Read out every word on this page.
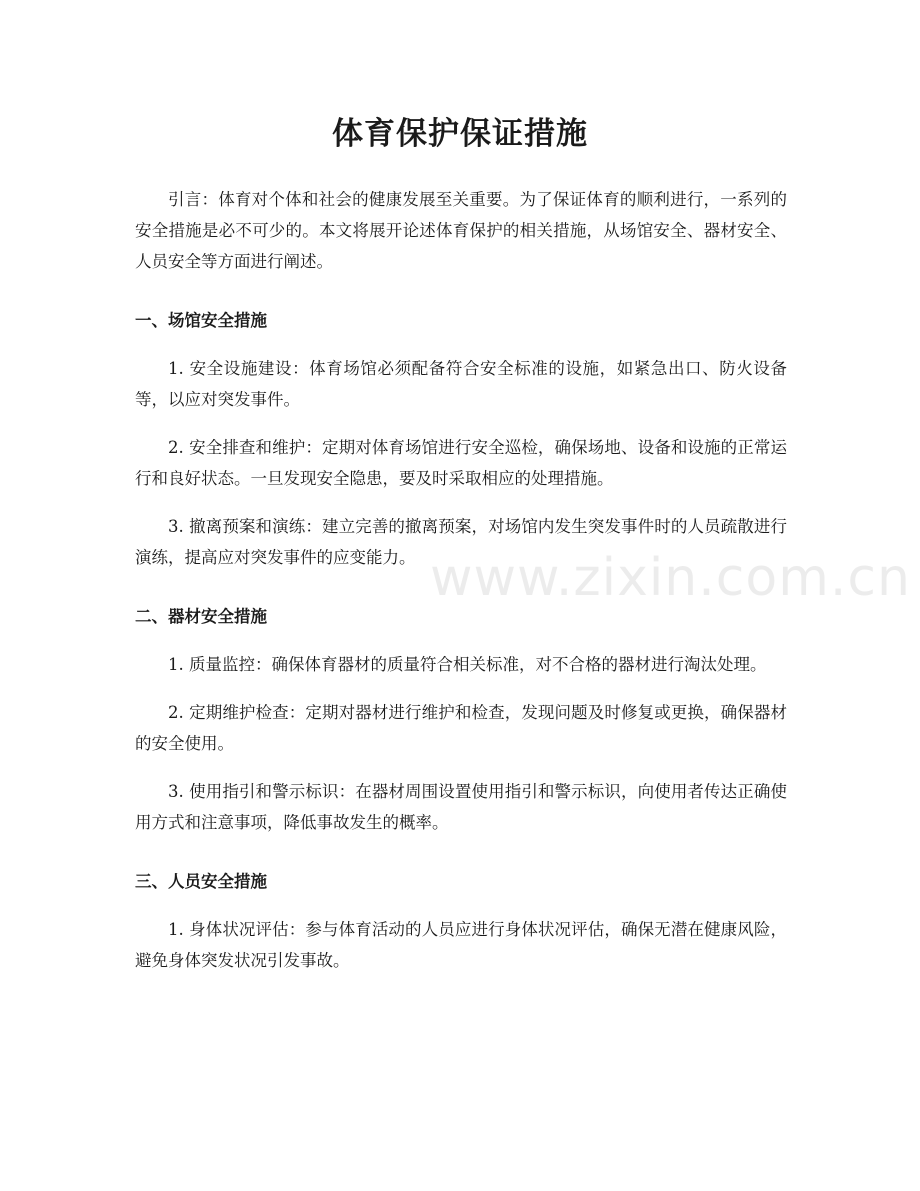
体育保护保证措施

引言：体育对个体和社会的健康发展至关重要。为了保证体育的顺利进行，一系列的安全措施是必不可少的。本文将展开论述体育保护的相关措施，从场馆安全、器材安全、人员安全等方面进行阐述。

一、场馆安全措施

1. 安全设施建设：体育场馆必须配备符合安全标准的设施，如紧急出口、防火设备等，以应对突发事件。

2. 安全排查和维护：定期对体育场馆进行安全巡检，确保场地、设备和设施的正常运行和良好状态。一旦发现安全隐患，要及时采取相应的处理措施。

3. 撤离预案和演练：建立完善的撤离预案，对场馆内发生突发事件时的人员疏散进行演练，提高应对突发事件的应变能力。

二、器材安全措施

1. 质量监控：确保体育器材的质量符合相关标准，对不合格的器材进行淘汰处理。

2. 定期维护检查：定期对器材进行维护和检查，发现问题及时修复或更换，确保器材的安全使用。

3. 使用指引和警示标识：在器材周围设置使用指引和警示标识，向使用者传达正确使用方式和注意事项，降低事故发生的概率。

三、人员安全措施

1. 身体状况评估：参与体育活动的人员应进行身体状况评估，确保无潜在健康风险，避免身体突发状况引发事故。

www.zixin.com.cn
